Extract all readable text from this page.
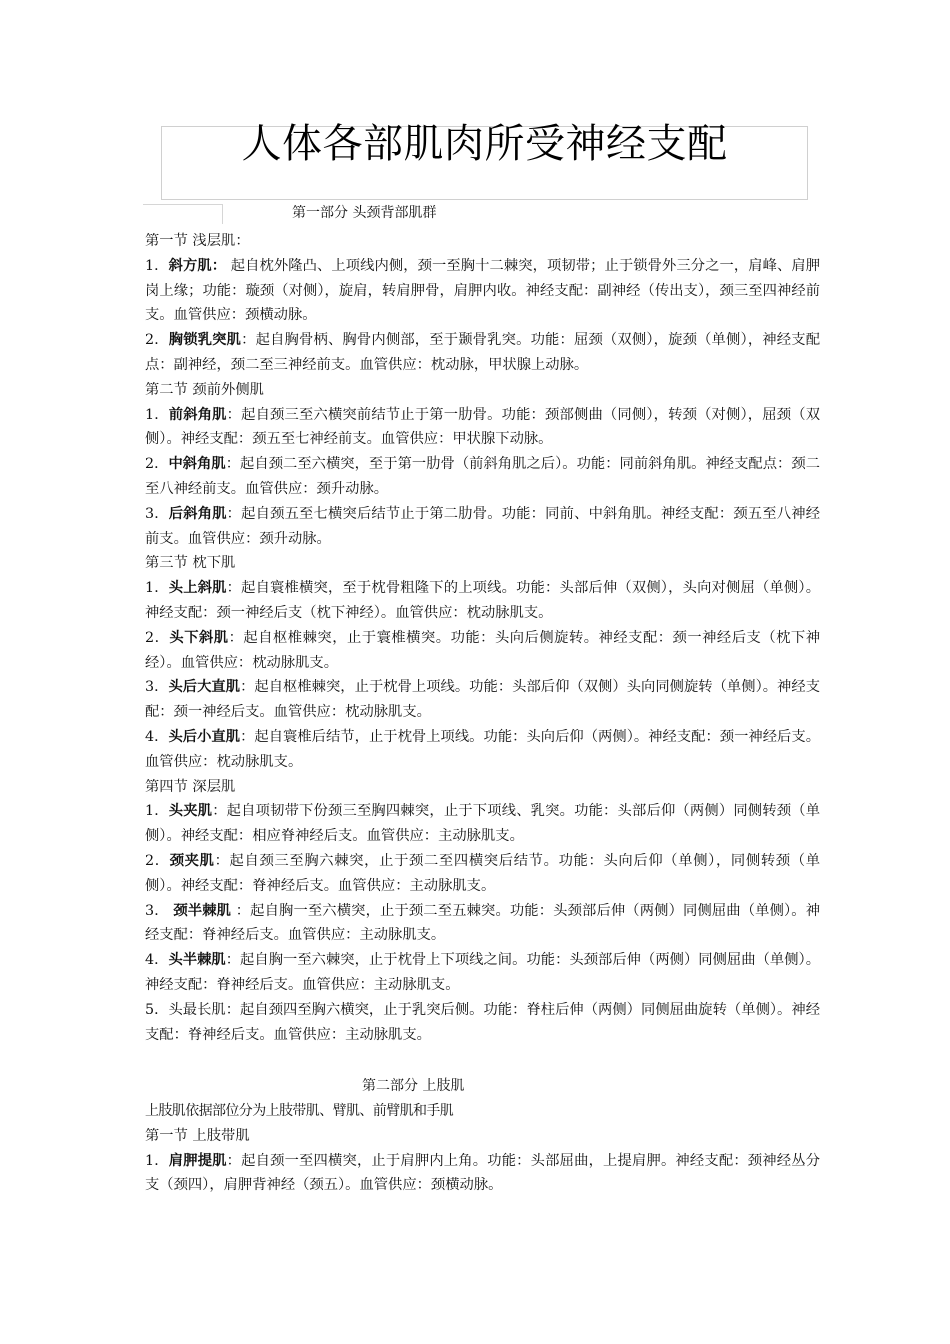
人体各部肌肉所受神经支配
第一部分 头颈背部肌群

第一节 浅层肌：

1．斜方肌： 起自枕外隆凸、上项线内侧，颈一至胸十二棘突，项韧带；止于锁骨外三分之一，肩峰、肩胛岗上缘；功能：璇颈（对侧），旋肩，转肩胛骨，肩胛内收。神经支配：副神经（传出支），颈三至四神经前支。血管供应：颈横动脉。

2．胸锁乳突肌：起自胸骨柄、胸骨内侧部，至于颞骨乳突。功能：屈颈（双侧），旋颈（单侧），神经支配点：副神经，颈二至三神经前支。血管供应：枕动脉，甲状腺上动脉。

第二节 颈前外侧肌

1．前斜角肌：起自颈三至六横突前结节止于第一肋骨。功能：颈部侧曲（同侧），转颈（对侧），屈颈（双侧）。神经支配：颈五至七神经前支。血管供应：甲状腺下动脉。

2．中斜角肌：起自颈二至六横突，至于第一肋骨（前斜角肌之后）。功能：同前斜角肌。神经支配点：颈二至八神经前支。血管供应：颈升动脉。

3．后斜角肌：起自颈五至七横突后结节止于第二肋骨。功能：同前、中斜角肌。神经支配：颈五至八神经前支。血管供应：颈升动脉。

第三节 枕下肌

1．头上斜肌：起自寰椎横突，至于枕骨粗隆下的上项线。功能：头部后伸（双侧），头向对侧屈（单侧）。神经支配：颈一神经后支（枕下神经）。血管供应：枕动脉肌支。

2．头下斜肌：起自枢椎棘突，止于寰椎横突。功能：头向后侧旋转。神经支配：颈一神经后支（枕下神经）。血管供应：枕动脉肌支。

3．头后大直肌：起自枢椎棘突，止于枕骨上项线。功能：头部后仰（双侧）头向同侧旋转（单侧）。神经支配：颈一神经后支。血管供应：枕动脉肌支。

4．头后小直肌：起自寰椎后结节，止于枕骨上项线。功能：头向后仰（两侧）。神经支配：颈一神经后支。血管供应：枕动脉肌支。

第四节 深层肌

1．头夹肌：起自项韧带下份颈三至胸四棘突，止于下项线、乳突。功能：头部后仰（两侧）同侧转颈（单侧）。神经支配：相应脊神经后支。血管供应：主动脉肌支。

2．颈夹肌：起自颈三至胸六棘突，止于颈二至四横突后结节。功能：头向后仰（单侧），同侧转颈（单侧）。神经支配：脊神经后支。血管供应：主动脉肌支。

3． 颈半棘肌 ：起自胸一至六横突，止于颈二至五棘突。功能：头颈部后伸（两侧）同侧屈曲（单侧）。神经支配：脊神经后支。血管供应：主动脉肌支。

4．头半棘肌：起自胸一至六棘突，止于枕骨上下项线之间。功能：头颈部后伸（两侧）同侧屈曲（单侧）。神经支配：脊神经后支。血管供应：主动脉肌支。

5．头最长肌：起自颈四至胸六横突，止于乳突后侧。功能：脊柱后伸（两侧）同侧屈曲旋转（单侧）。神经支配：脊神经后支。血管供应：主动脉肌支。

第二部分 上肢肌

上肢肌依据部位分为上肢带肌、臂肌、前臂肌和手肌

第一节 上肢带肌

1．肩胛提肌：起自颈一至四横突，止于肩胛内上角。功能：头部屈曲，上提肩胛。神经支配：颈神经丛分支（颈四），肩胛背神经（颈五）。血管供应：颈横动脉。
